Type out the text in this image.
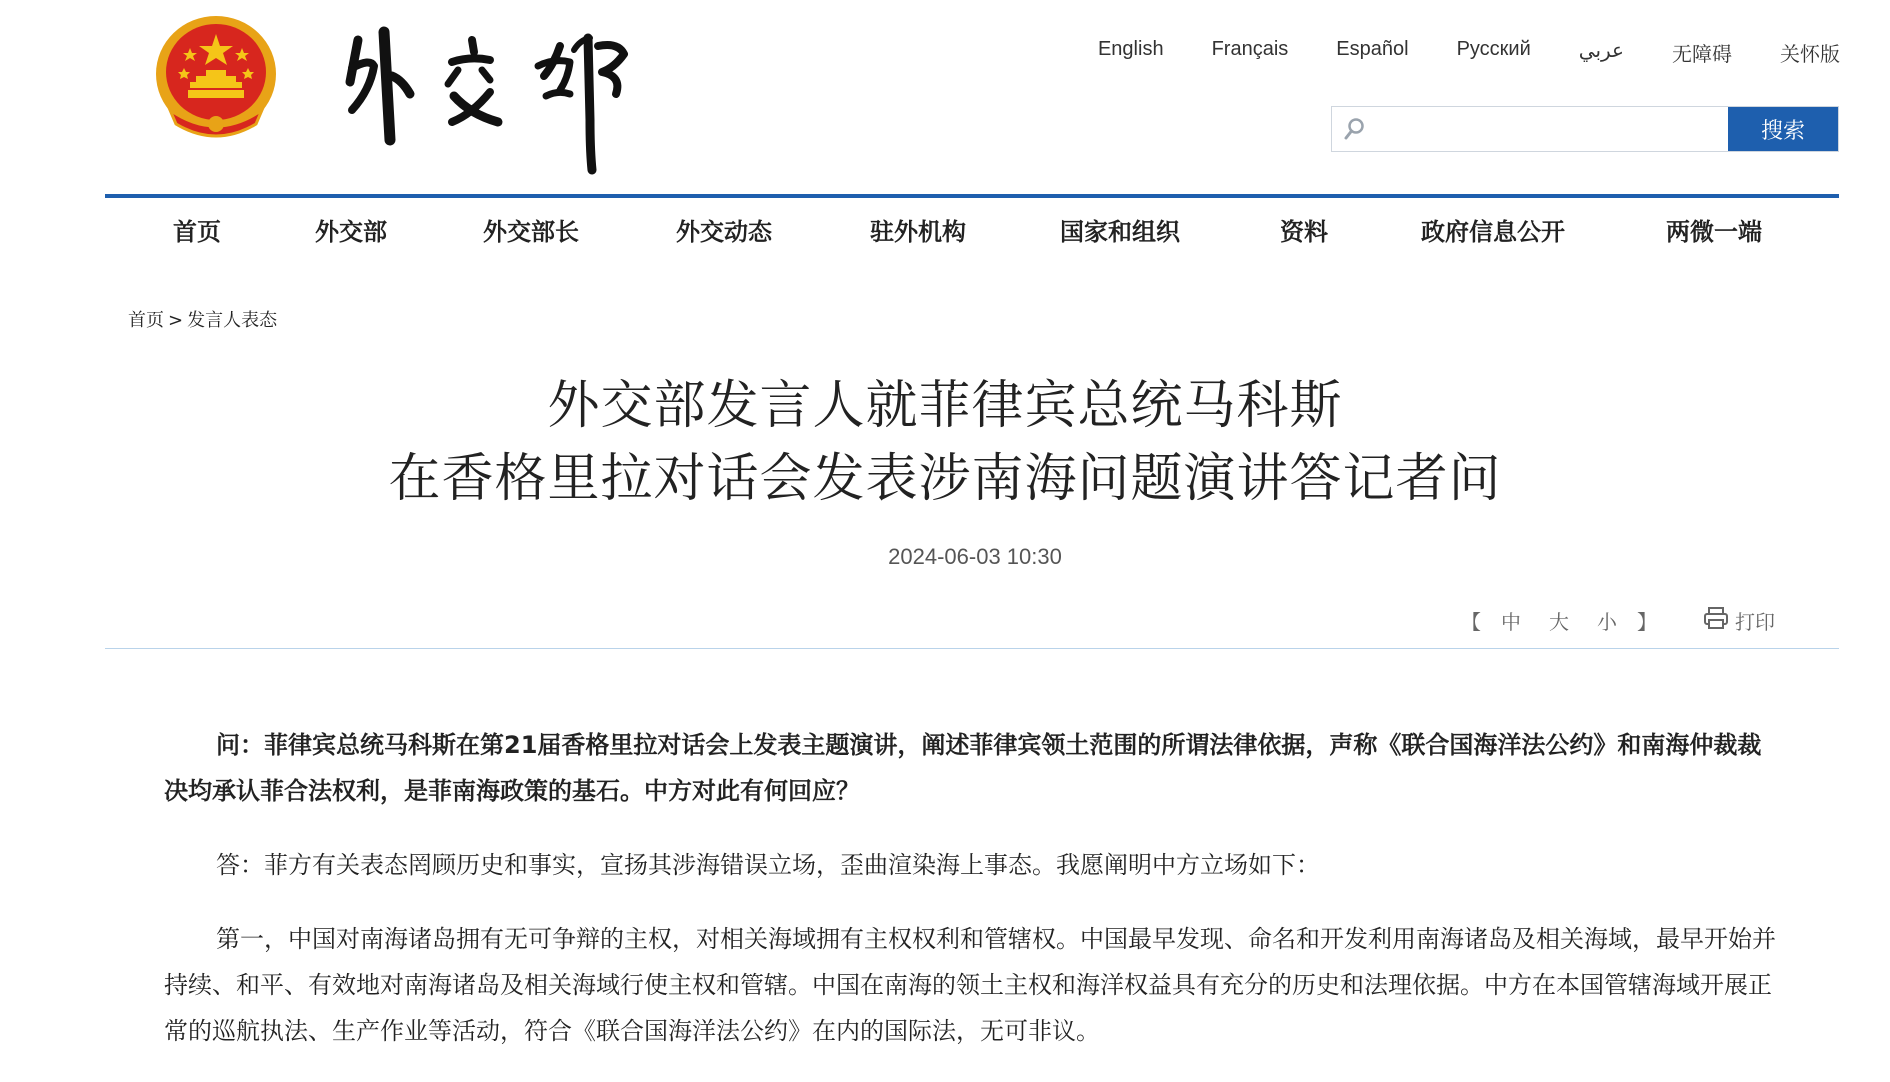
English Français Español Русский عربي 无障碍 关怀版
搜索
首页	外交部	外交部长	外交动态	驻外机构	国家和组织	资料	政府信息公开	两微一端
首页 > 发言人表态
外交部发言人就菲律宾总统马科斯
在香格里拉对话会发表涉南海问题演讲答记者问
2024-06-03 10:30
【 中 大 小 】	打印

问：菲律宾总统马科斯在第21届香格里拉对话会上发表主题演讲，阐述菲律宾领土范围的所谓法律依据，声称《联合国海洋法公约》和南海仲裁裁决均承认菲合法权利，是菲南海政策的基石。中方对此有何回应？

答：菲方有关表态罔顾历史和事实，宣扬其涉海错误立场，歪曲渲染海上事态。我愿阐明中方立场如下：

第一，中国对南海诸岛拥有无可争辩的主权，对相关海域拥有主权权利和管辖权。中国最早发现、命名和开发利用南海诸岛及相关海域，最早开始并持续、和平、有效地对南海诸岛及相关海域行使主权和管辖。中国在南海的领土主权和海洋权益具有充分的历史和法理依据。中方在本国管辖海域开展正常的巡航执法、生产作业等活动，符合《联合国海洋法公约》在内的国际法，无可非议。
